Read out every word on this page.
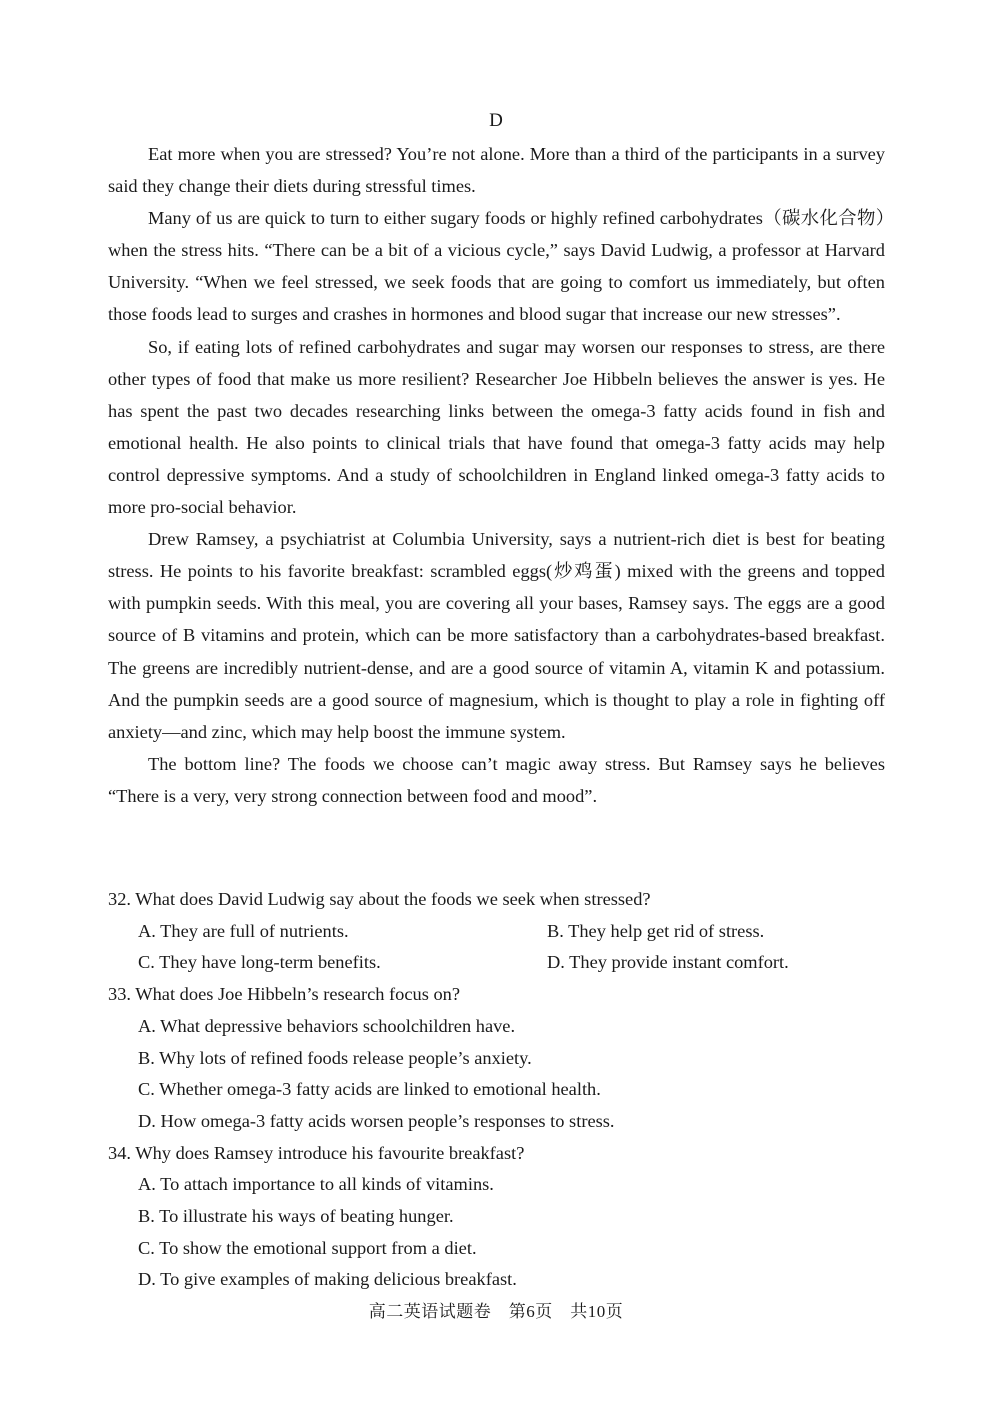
D

Eat more when you are stressed? You’re not alone. More than a third of the participants in a survey said they change their diets during stressful times.

Many of us are quick to turn to either sugary foods or highly refined carbohydrates（碳水化合物）when the stress hits. “There can be a bit of a vicious cycle,” says David Ludwig, a professor at Harvard University. “When we feel stressed, we seek foods that are going to comfort us immediately, but often those foods lead to surges and crashes in hormones and blood sugar that increase our new stresses”.

So, if eating lots of refined carbohydrates and sugar may worsen our responses to stress, are there other types of food that make us more resilient? Researcher Joe Hibbeln believes the answer is yes. He has spent the past two decades researching links between the omega-3 fatty acids found in fish and emotional health. He also points to clinical trials that have found that omega-3 fatty acids may help control depressive symptoms. And a study of schoolchildren in England linked omega-3 fatty acids to more pro-social behavior.

Drew Ramsey, a psychiatrist at Columbia University, says a nutrient-rich diet is best for beating stress. He points to his favorite breakfast: scrambled eggs(炒鸡蛋) mixed with the greens and topped with pumpkin seeds. With this meal, you are covering all your bases, Ramsey says. The eggs are a good source of B vitamins and protein, which can be more satisfactory than a carbohydrates-based breakfast. The greens are incredibly nutrient-dense, and are a good source of vitamin A, vitamin K and potassium. And the pumpkin seeds are a good source of magnesium, which is thought to play a role in fighting off anxiety—and zinc, which may help boost the immune system.

The bottom line? The foods we choose can’t magic away stress. But Ramsey says he believes “There is a very, very strong connection between food and mood”.

32. What does David Ludwig say about the foods we seek when stressed?

A. They are full of nutrients.	B. They help get rid of stress.

C. They have long-term benefits.	D. They provide instant comfort.

33. What does Joe Hibbeln’s research focus on?

A. What depressive behaviors schoolchildren have.

B. Why lots of refined foods release people’s anxiety.

C. Whether omega-3 fatty acids are linked to emotional health.

D. How omega-3 fatty acids worsen people’s responses to stress.

34. Why does Ramsey introduce his favourite breakfast?

A. To attach importance to all kinds of vitamins.

B. To illustrate his ways of beating hunger.

C. To show the emotional support from a diet.

D. To give examples of making delicious breakfast.

高二英语试题卷　第6页　共10页
